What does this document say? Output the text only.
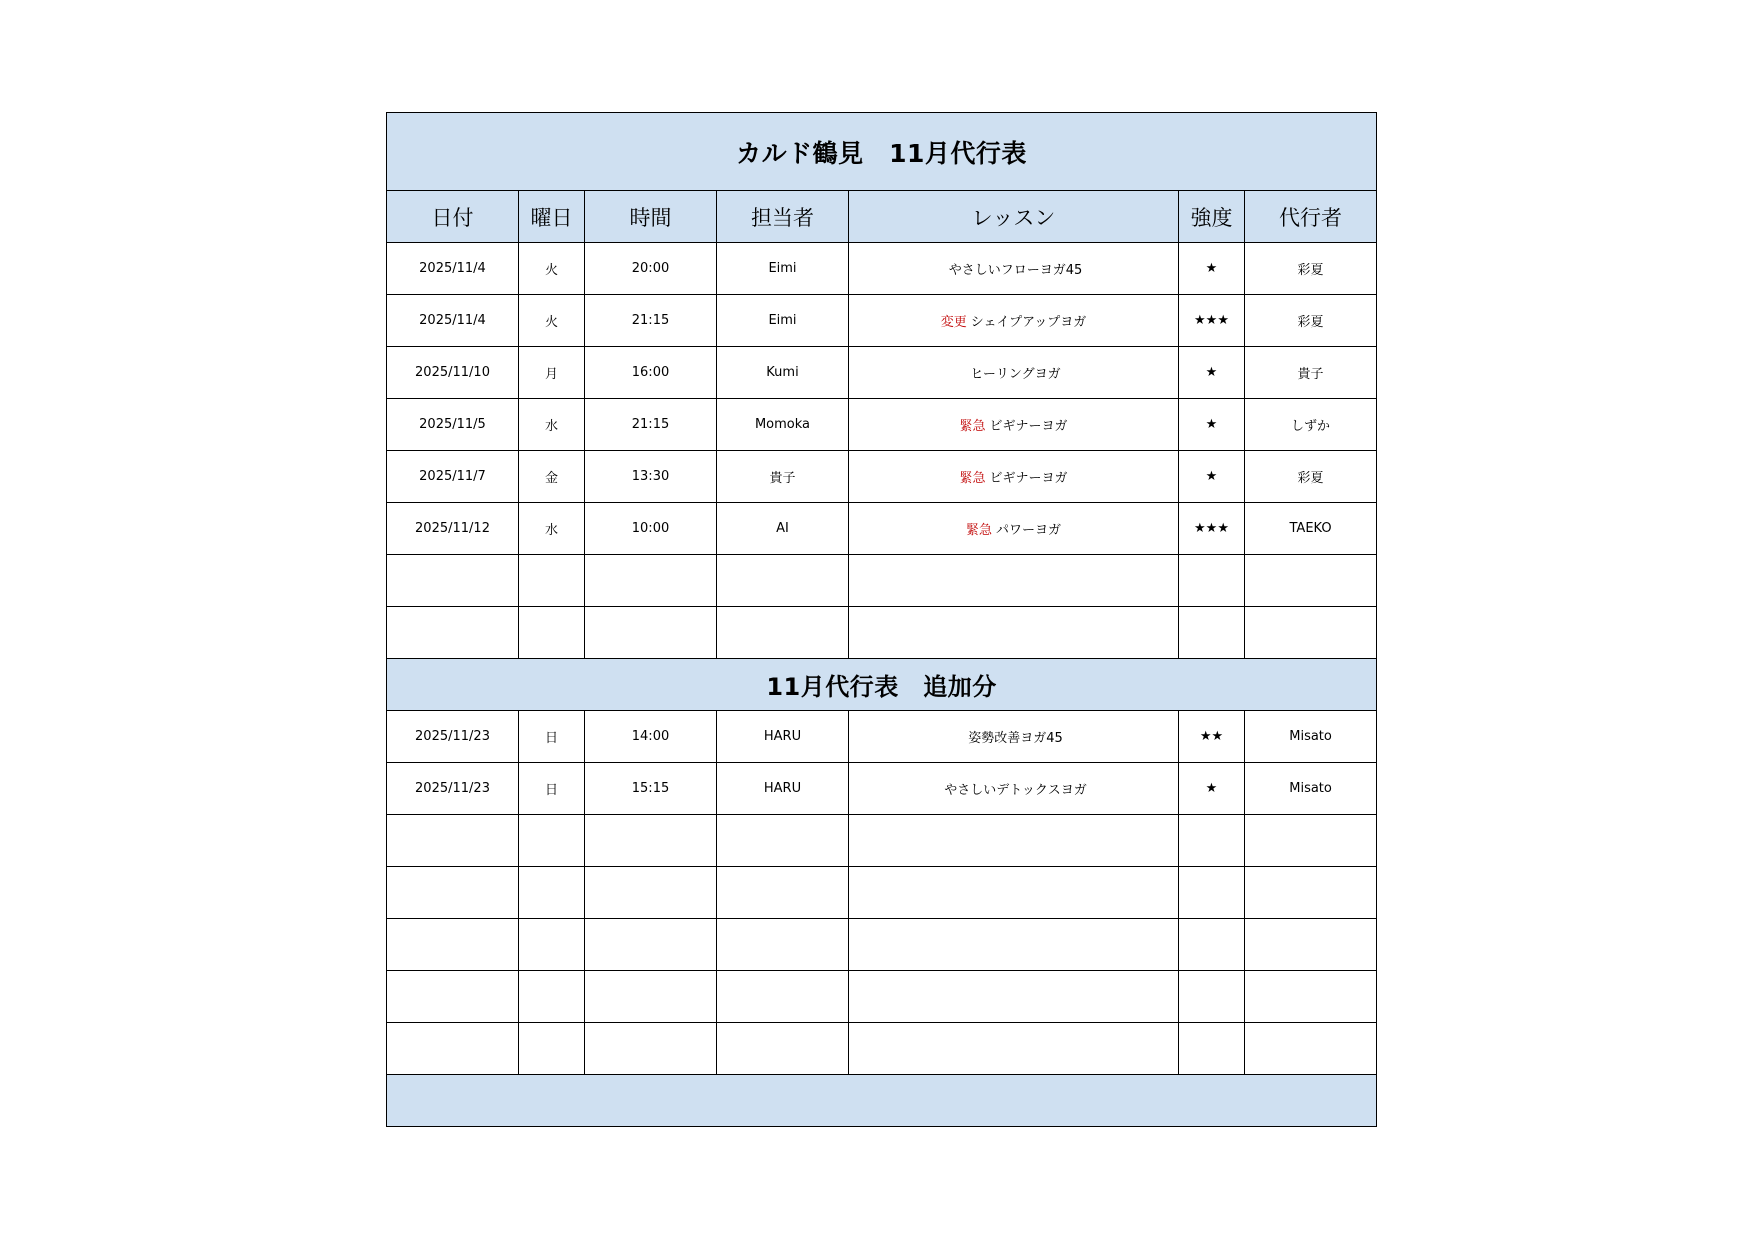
カルド鶴見　11月代行表						
日付	曜日	時間	担当者	レッスン	強度	代行者
2025/11/4	火	20:00	Eimi	やさしいフローヨガ45	★	彩夏
2025/11/4	火	21:15	Eimi	変更 シェイプアップヨガ	★★★	彩夏
2025/11/10	月	16:00	Kumi	ヒーリングヨガ	★	貴子
2025/11/5	水	21:15	Momoka	緊急 ビギナーヨガ	★	しずか
2025/11/7	金	13:30	貴子	緊急 ビギナーヨガ	★	彩夏
2025/11/12	水	10:00	AI	緊急 パワーヨガ	★★★	TAEKO

11月代行表　追加分						
2025/11/23	日	14:00	HARU	姿勢改善ヨガ45	★★	Misato
2025/11/23	日	15:15	HARU	やさしいデトックスヨガ	★	Misato
